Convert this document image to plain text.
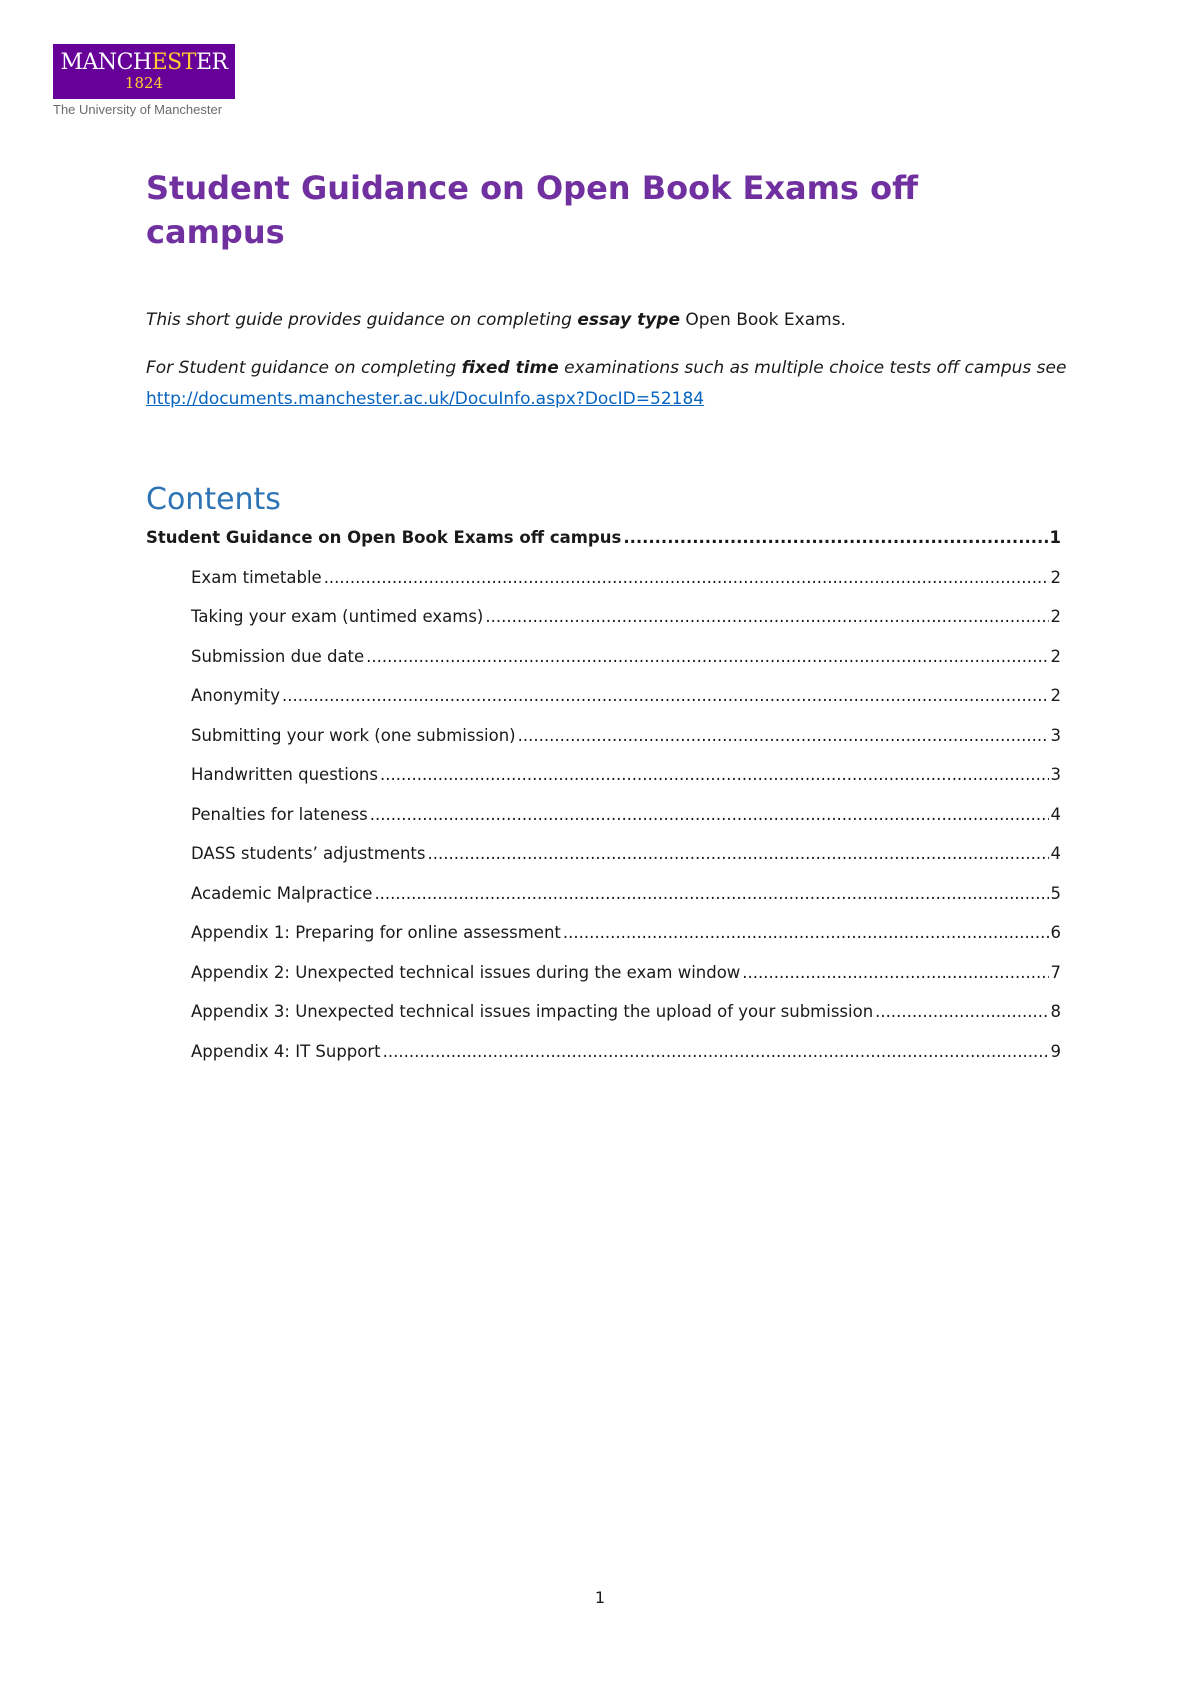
MANCHESTER
1824
The University of Manchester
Student Guidance on Open Book Exams off campus

This short guide provides guidance on completing essay type Open Book Exams.

For Student guidance on completing fixed time examinations such as multiple choice tests off campus see http://documents.manchester.ac.uk/DocuInfo.aspx?DocID=52184

Contents
Student Guidance on Open Book Exams off campus .....	1
Exam timetable .....	2
Taking your exam (untimed exams) .....	2
Submission due date .....	2
Anonymity .....	2
Submitting your work (one submission) .....	3
Handwritten questions .....	3
Penalties for lateness .....	4
DASS students’ adjustments .....	4
Academic Malpractice .....	5
Appendix 1: Preparing for online assessment .....	6
Appendix 2: Unexpected technical issues during the exam window .....	7
Appendix 3: Unexpected technical issues impacting the upload of your submission .....	8
Appendix 4: IT Support .....	9
1
